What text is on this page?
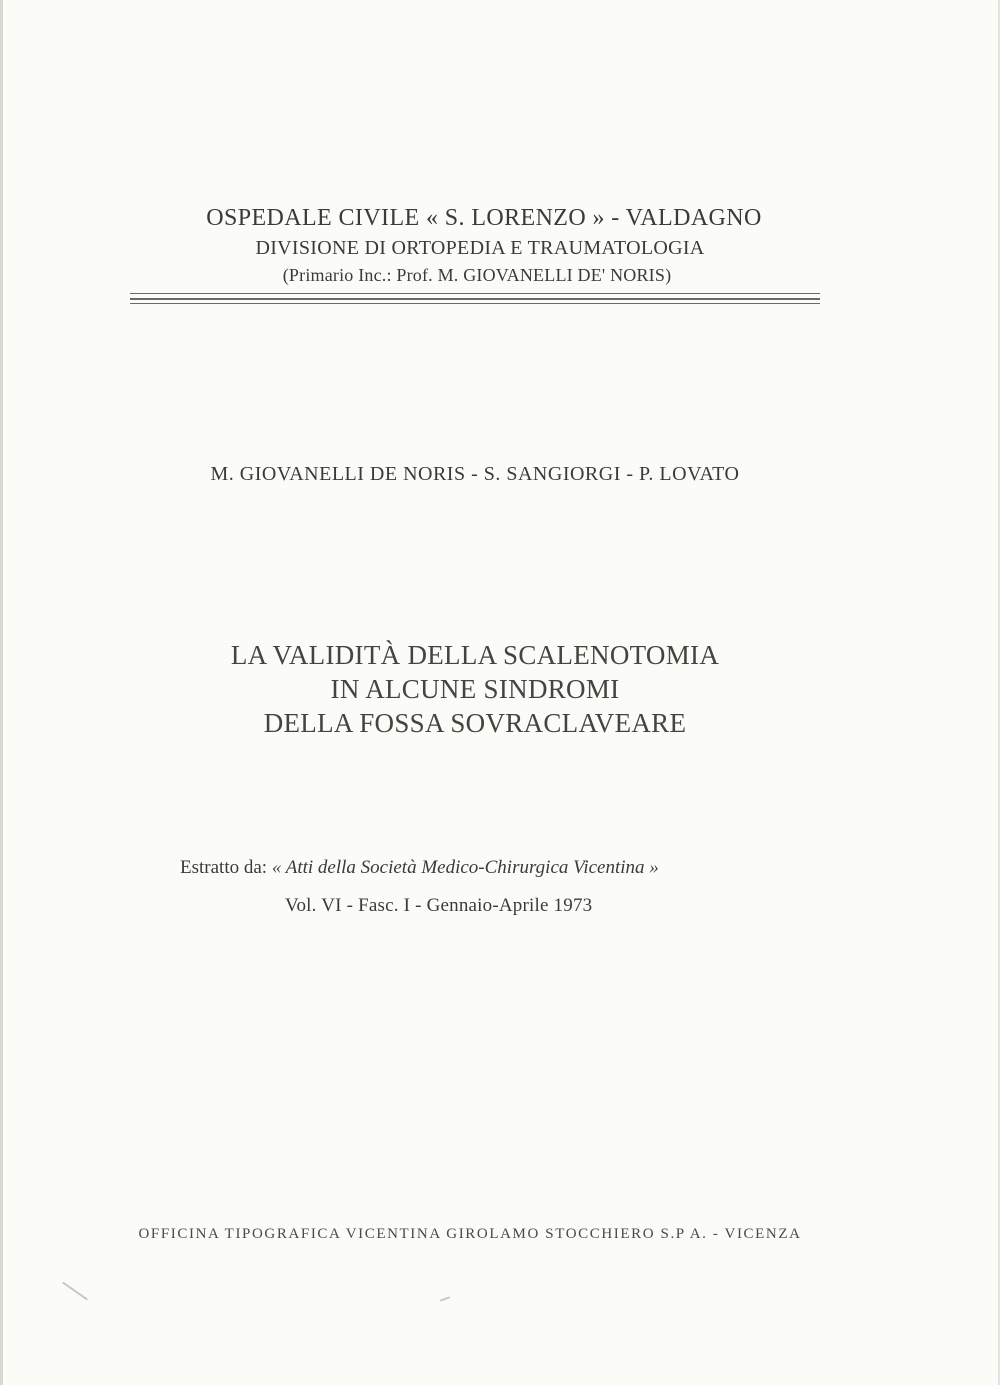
OSPEDALE CIVILE « S. LORENZO » - VALDAGNO
DIVISIONE DI ORTOPEDIA E TRAUMATOLOGIA
(Primario Inc.: Prof. M. GIOVANELLI DE' NORIS)
M. GIOVANELLI DE NORIS - S. SANGIORGI - P. LOVATO
LA VALIDITÀ DELLA SCALENOTOMIA
IN ALCUNE SINDROMI
DELLA FOSSA SOVRACLAVEARE
Estratto da: « Atti della Società Medico-Chirurgica Vicentina »
Vol. VI - Fasc. I - Gennaio-Aprile 1973
OFFICINA TIPOGRAFICA VICENTINA GIROLAMO STOCCHIERO S.P A. - VICENZA
